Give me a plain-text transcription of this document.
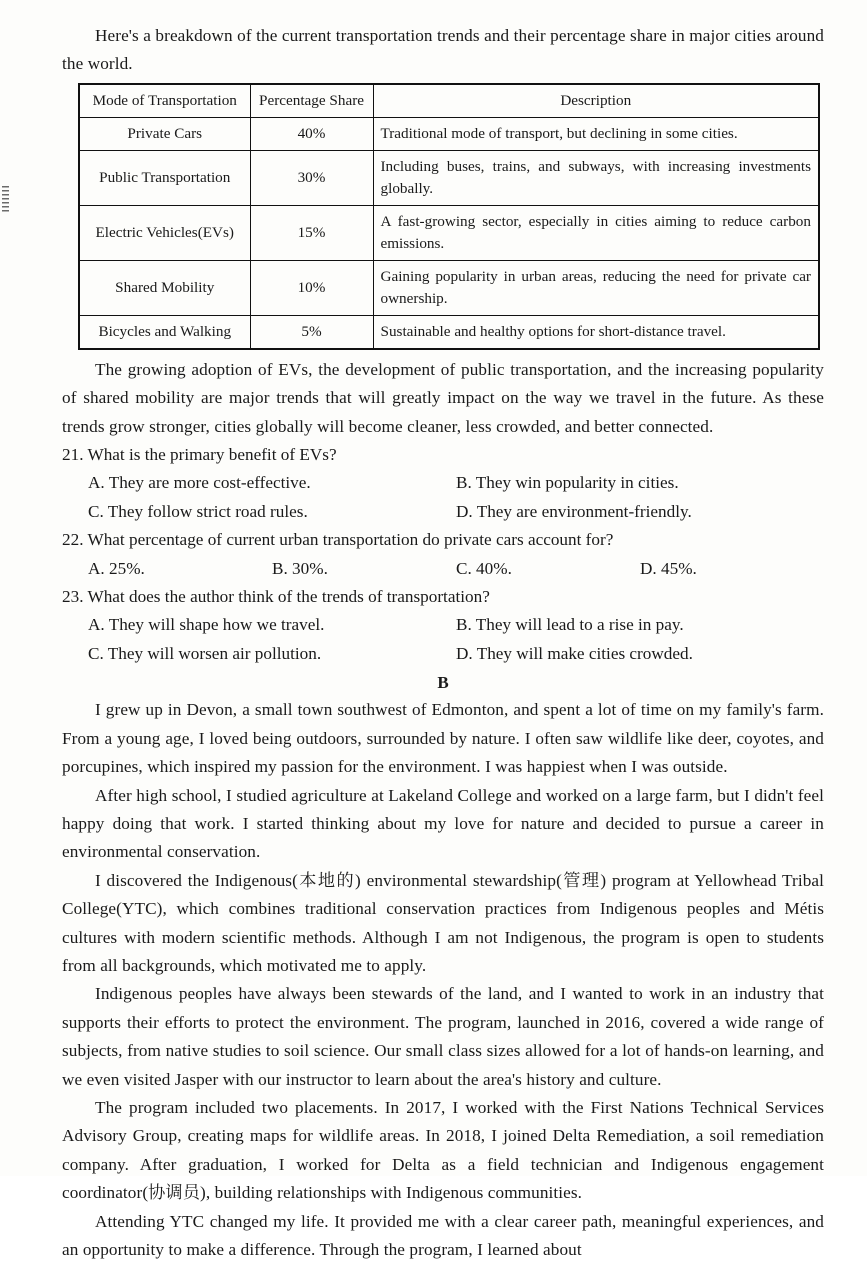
Here's a breakdown of the current transportation trends and their percentage share in major cities around the world.

Mode of Transportation	Percentage Share	Description
Private Cars	40%	Traditional mode of transport, but declining in some cities.
Public Transportation	30%	Including buses, trains, and subways, with increasing investments globally.
Electric Vehicles(EVs)	15%	A fast-growing sector, especially in cities aiming to reduce carbon emissions.
Shared Mobility	10%	Gaining popularity in urban areas, reducing the need for private car ownership.
Bicycles and Walking	5%	Sustainable and healthy options for short-distance travel.

The growing adoption of EVs, the development of public transportation, and the increasing popularity of shared mobility are major trends that will greatly impact on the way we travel in the future. As these trends grow stronger, cities globally will become cleaner, less crowded, and better connected.

21. What is the primary benefit of EVs?

A. They are more cost-effective.	B. They win popularity in cities.
C. They follow strict road rules.	D. They are environment-friendly.

22. What percentage of current urban transportation do private cars account for?

A. 25%.	B. 30%.	C. 40%.	D. 45%.

23. What does the author think of the trends of transportation?

A. They will shape how we travel.	B. They will lead to a rise in pay.
C. They will worsen air pollution.	D. They will make cities crowded.
B

I grew up in Devon, a small town southwest of Edmonton, and spent a lot of time on my family's farm. From a young age, I loved being outdoors, surrounded by nature. I often saw wildlife like deer, coyotes, and porcupines, which inspired my passion for the environment. I was happiest when I was outside.

After high school, I studied agriculture at Lakeland College and worked on a large farm, but I didn't feel happy doing that work. I started thinking about my love for nature and decided to pursue a career in environmental conservation.

I discovered the Indigenous(本地的) environmental stewardship(管理) program at Yellowhead Tribal College(YTC), which combines traditional conservation practices from Indigenous peoples and Métis cultures with modern scientific methods. Although I am not Indigenous, the program is open to students from all backgrounds, which motivated me to apply.

Indigenous peoples have always been stewards of the land, and I wanted to work in an industry that supports their efforts to protect the environment. The program, launched in 2016, covered a wide range of subjects, from native studies to soil science. Our small class sizes allowed for a lot of hands-on learning, and we even visited Jasper with our instructor to learn about the area's history and culture.

The program included two placements. In 2017, I worked with the First Nations Technical Services Advisory Group, creating maps for wildlife areas. In 2018, I joined Delta Remediation, a soil remediation company. After graduation, I worked for Delta as a field technician and Indigenous engagement coordinator(协调员), building relationships with Indigenous communities.

Attending YTC changed my life. It provided me with a clear career path, meaningful experiences, and an opportunity to make a difference. Through the program, I learned about
